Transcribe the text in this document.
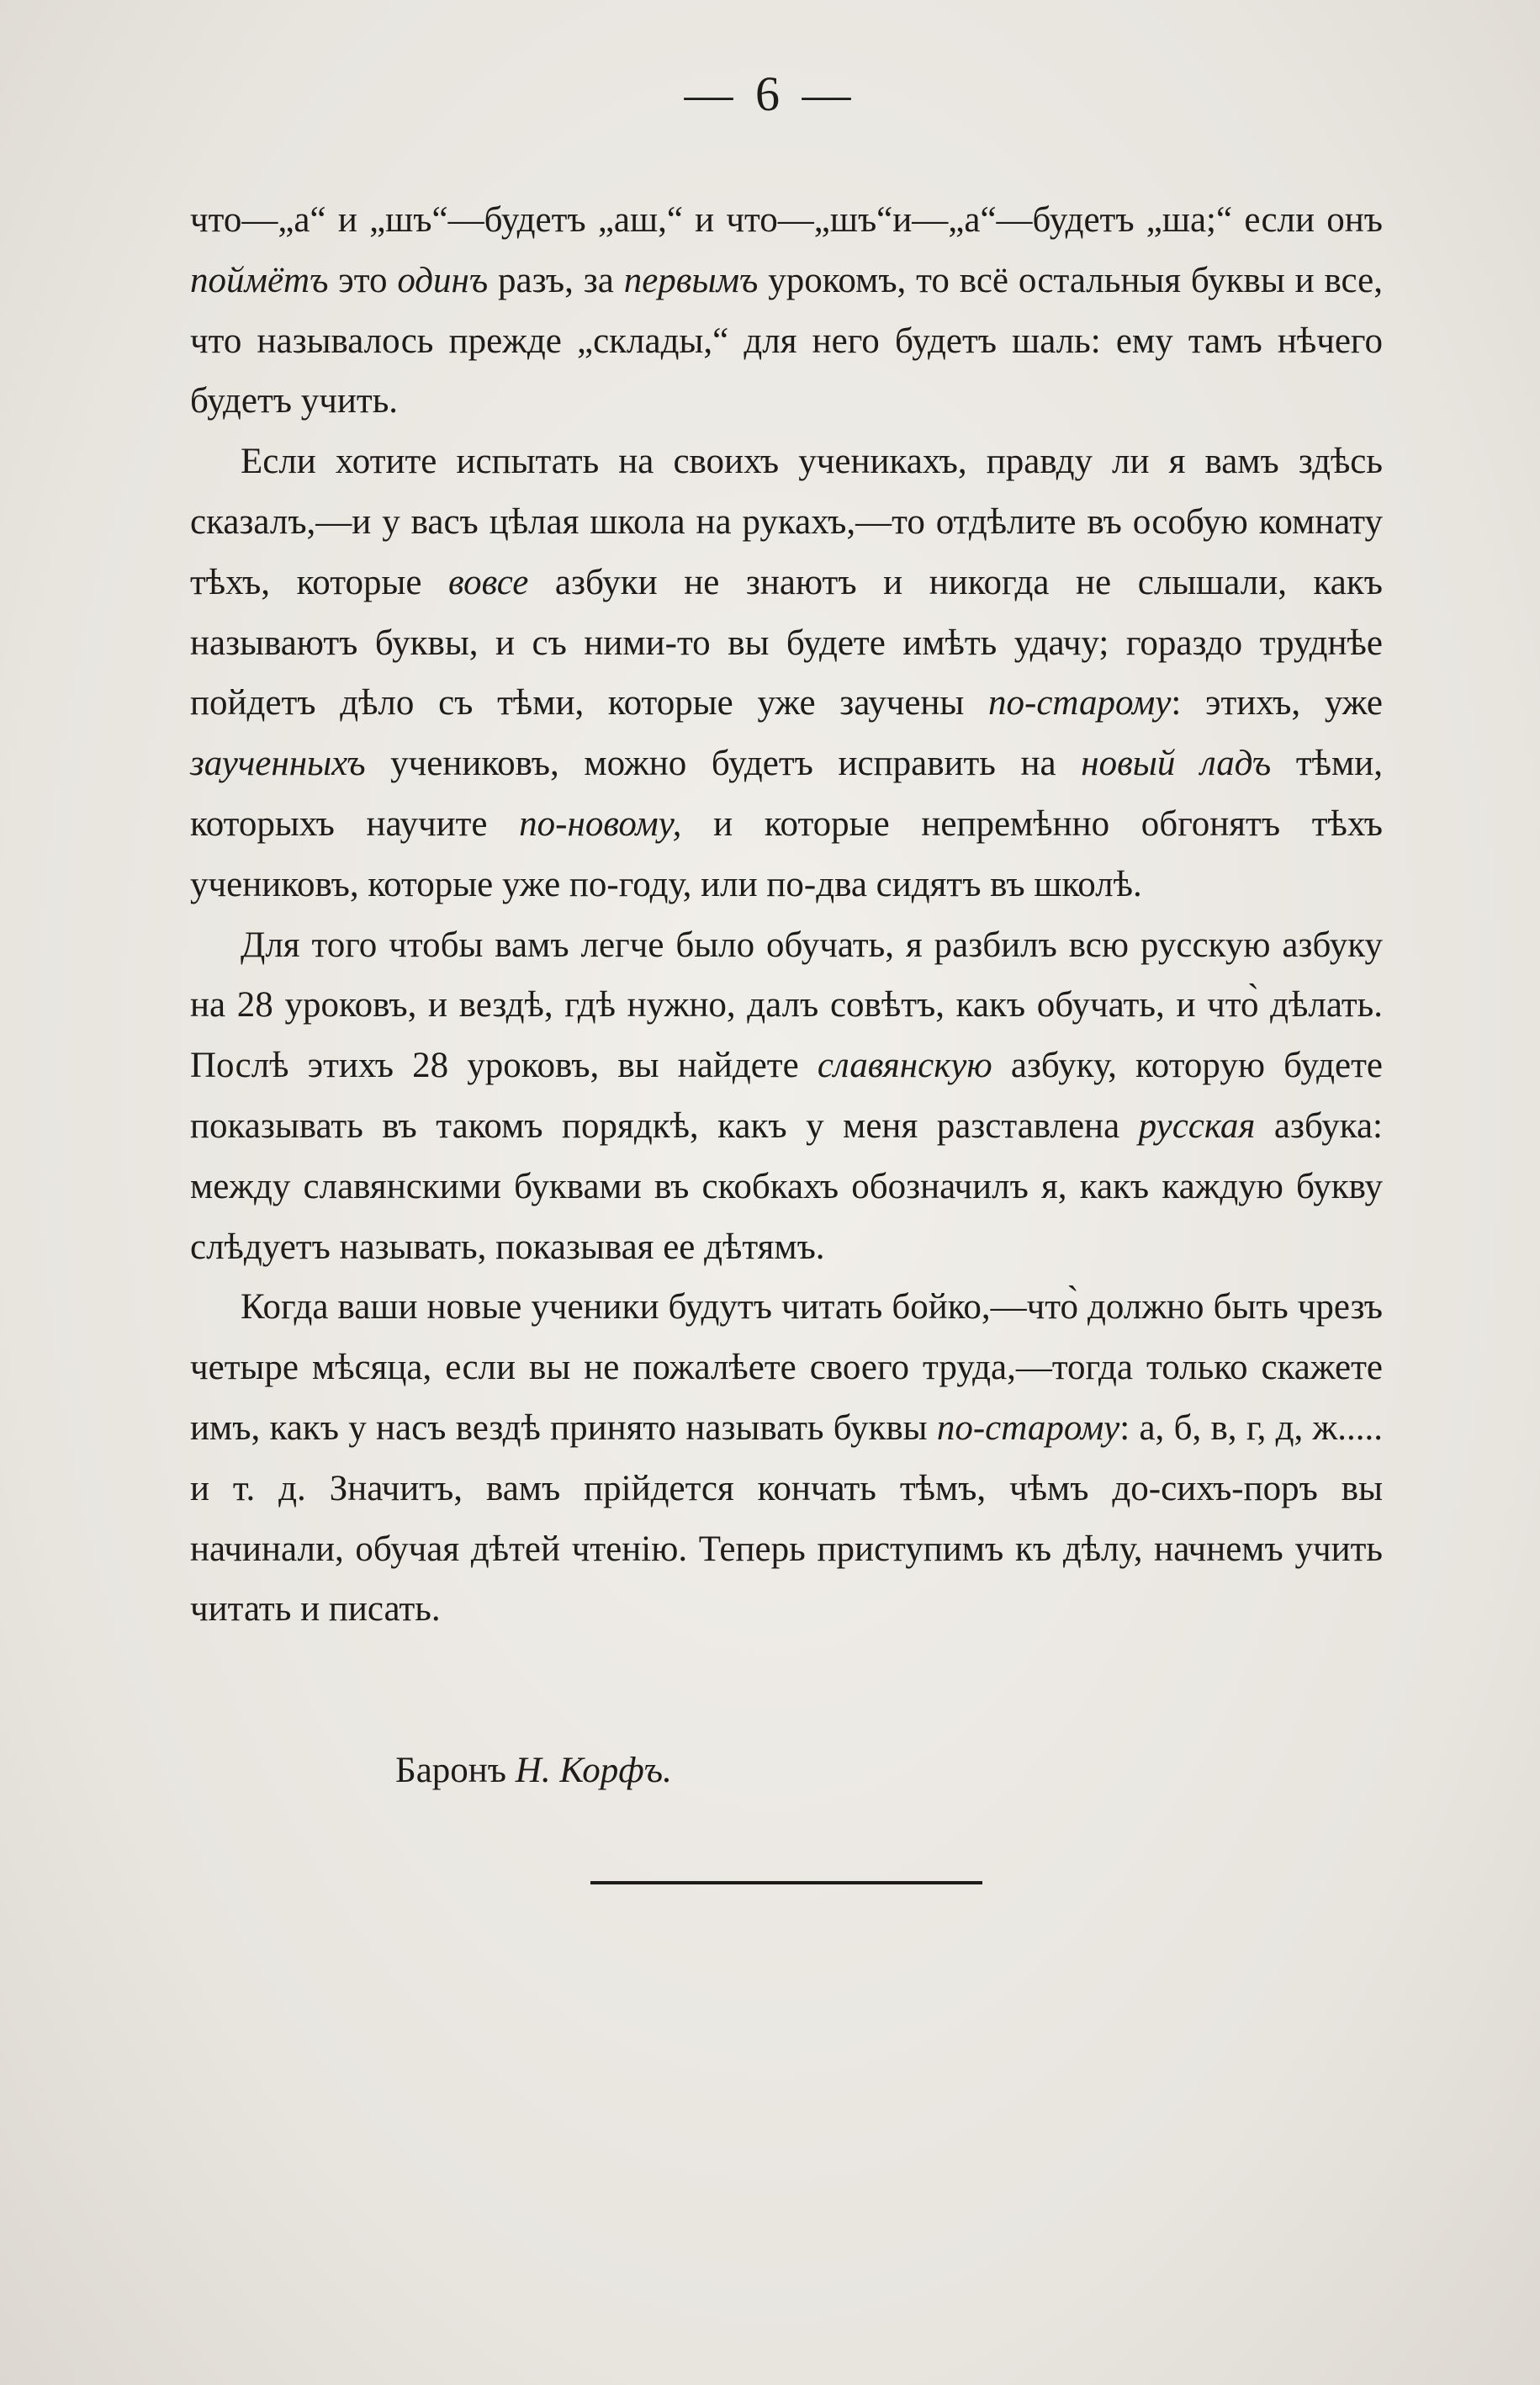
— 6 —

что—„а“ и „шъ“—будетъ „аш,“ и что—„шъ“и—„а“—будетъ „ша;“ если онъ поймётъ это одинъ разъ, за первымъ урокомъ, то всё остальныя буквы и все, что называлось прежде „склады,“ для него будетъ шаль: ему тамъ нѣчего будетъ учить.

Если хотите испытать на своихъ ученикахъ, правду ли я вамъ здѣсь сказалъ,—и у васъ цѣлая школа на рукахъ,—то отдѣлите въ особую комнату тѣхъ, которые вовсе азбуки не знаютъ и никогда не слышали, какъ называютъ буквы, и съ ними-то вы будете имѣть удачу; гораздо труднѣе пойдетъ дѣло съ тѣми, которые уже заучены по-старому: этихъ, уже заученныхъ учениковъ, можно будетъ исправить на новый ладъ тѣми, которыхъ научите по-новому, и которые непремѣнно обгонятъ тѣхъ учениковъ, которые уже по-году, или по-два сидятъ въ школѣ.

Для того чтобы вамъ легче было обучать, я разбилъ всю русскую азбуку на 28 уроковъ, и вездѣ, гдѣ нужно, далъ совѣтъ, какъ обучать, и что̀ дѣлать. Послѣ этихъ 28 уроковъ, вы найдете славянскую азбуку, которую будете показывать въ такомъ порядкѣ, какъ у меня разставлена русская азбука: между славянскими буквами въ скобкахъ обозначилъ я, какъ каждую букву слѣдуетъ называть, показывая ее дѣтямъ.

Когда ваши новые ученики будутъ читать бойко,—что̀ должно быть чрезъ четыре мѣсяца, если вы не пожалѣете своего труда,—тогда только скажете имъ, какъ у насъ вездѣ принято называть буквы по-старому: а, б, в, г, д, ж..... и т. д. Значитъ, вамъ прійдется кончать тѣмъ, чѣмъ до-сихъ-поръ вы начинали, обучая дѣтей чтенію. Теперь приступимъ къ дѣлу, начнемъ учить читать и писать.

Баронъ Н. Корфъ.
